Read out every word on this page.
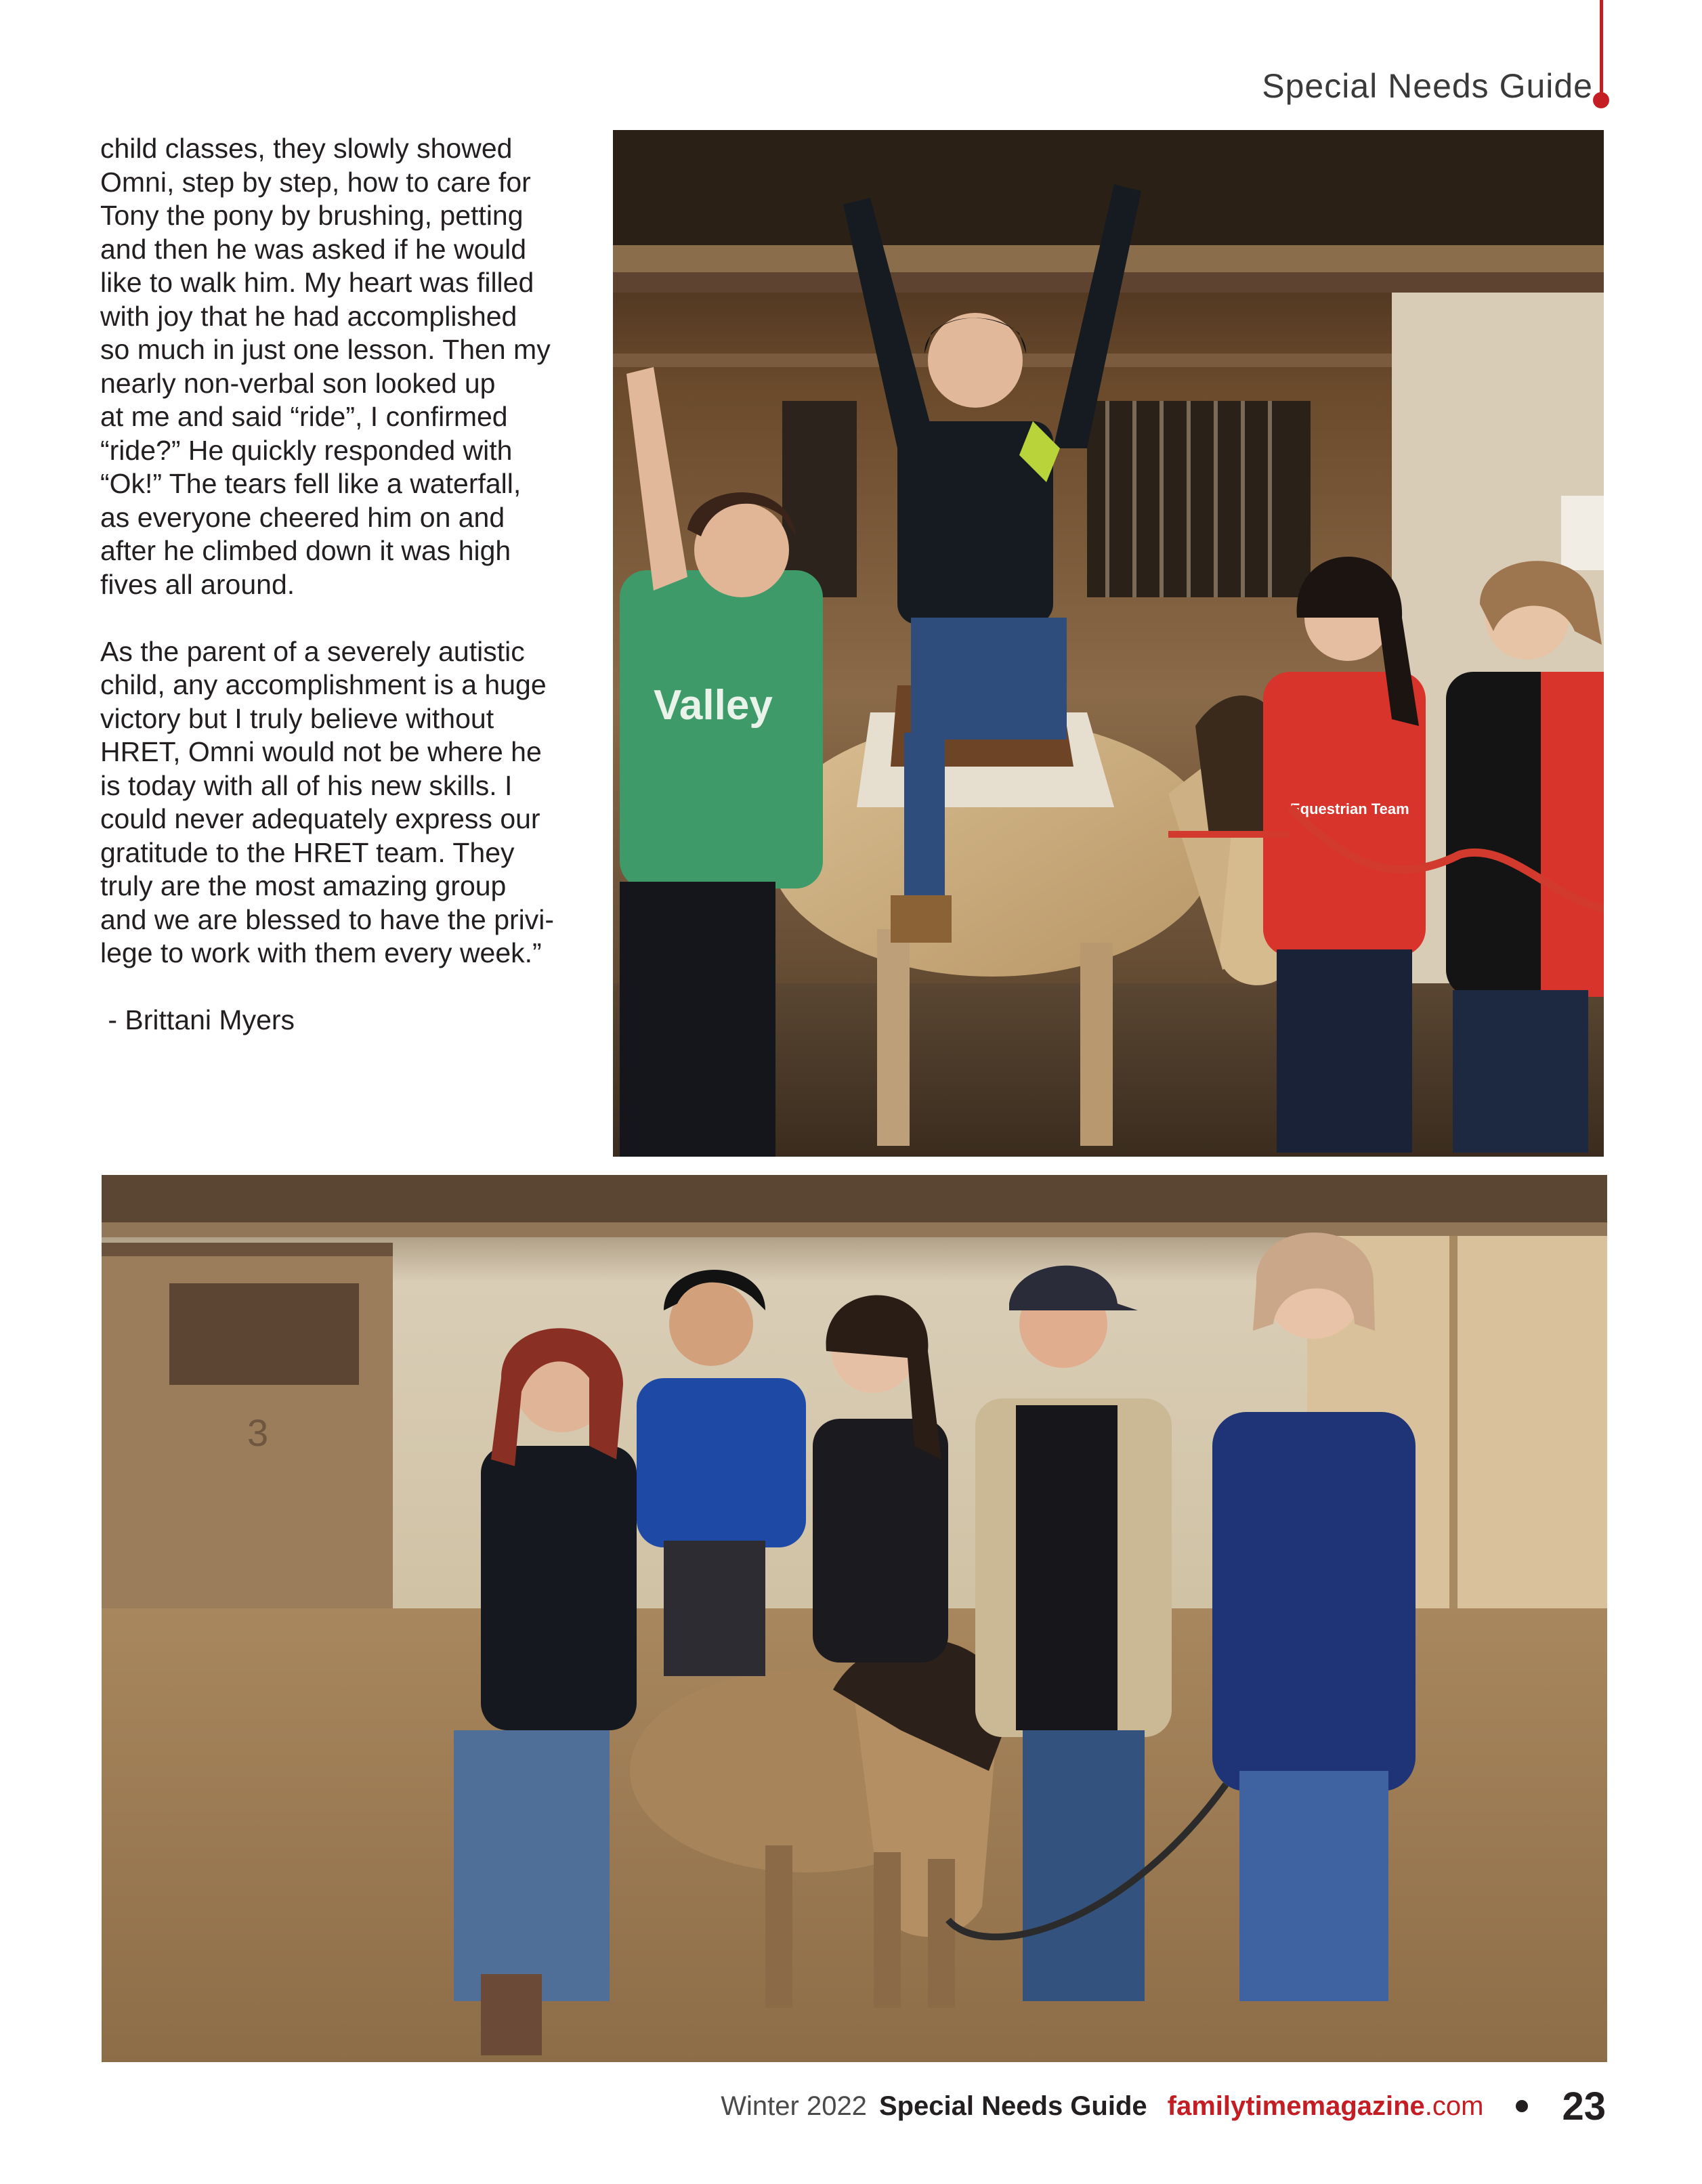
Special Needs Guide

child classes, they slowly showed

Omni, step by step, how to care for

Tony the pony by brushing, petting

and then he was asked if he would

like to walk him. My heart was filled

with joy that he had accomplished

so much in just one lesson. Then my

nearly non-verbal son looked up

at me and said “ride”, I confirmed

“ride?” He quickly responded with

“Ok!” The tears fell like a waterfall,

as everyone cheered him on and

after he climbed down it was high

fives all around.

As the parent of a severely autistic

child, any accomplishment is a huge

victory but I truly believe without

HRET, Omni would not be where he

is today with all of his new skills. I

could never adequately express our

gratitude to the HRET team. They

truly are the most amazing group

and we are blessed to have the privi-

lege to work with them every week.”

- Brittani Myers

Valley
Equestrian Team
3
Winter 2022 Special Needs Guide familytimemagazine.com 23
